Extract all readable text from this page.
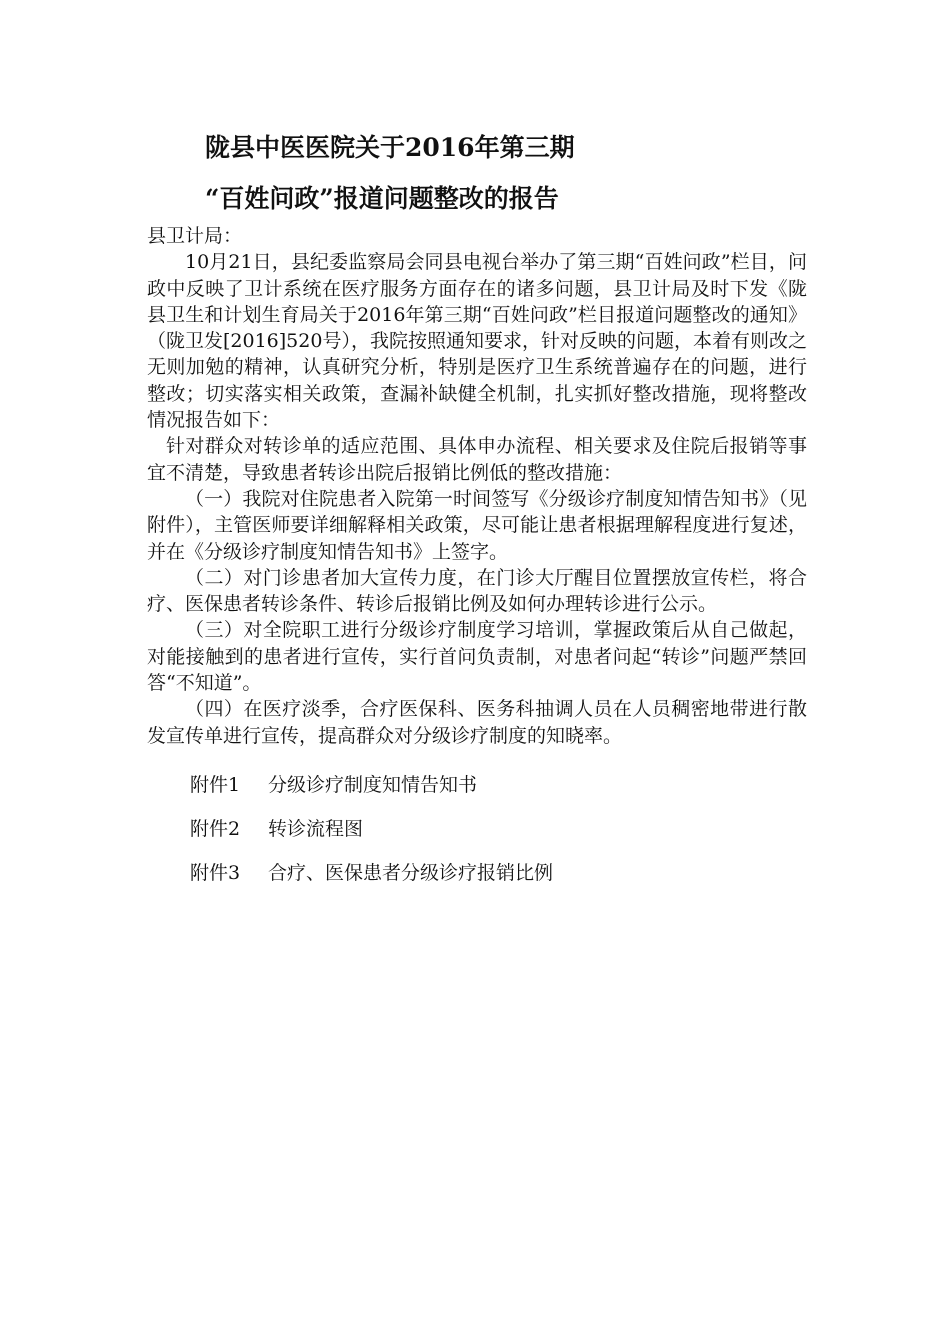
陇县中医医院关于2016年第三期
“百姓问政”报道问题整改的报告

县卫计局：

10月21日，县纪委监察局会同县电视台举办了第三期“百姓问政”栏目，问政中反映了卫计系统在医疗服务方面存在的诸多问题，县卫计局及时下发《陇县卫生和计划生育局关于2016年第三期“百姓问政”栏目报道问题整改的通知》（陇卫发[2016]520号），我院按照通知要求，针对反映的问题，本着有则改之无则加勉的精神，认真研究分析，特别是医疗卫生系统普遍存在的问题，进行整改；切实落实相关政策，查漏补缺健全机制，扎实抓好整改措施，现将整改情况报告如下：

针对群众对转诊单的适应范围、具体申办流程、相关要求及住院后报销等事宜不清楚，导致患者转诊出院后报销比例低的整改措施：

（一）我院对住院患者入院第一时间签写《分级诊疗制度知情告知书》（见附件），主管医师要详细解释相关政策，尽可能让患者根据理解程度进行复述，并在《分级诊疗制度知情告知书》上签字。

（二）对门诊患者加大宣传力度，在门诊大厅醒目位置摆放宣传栏，将合疗、医保患者转诊条件、转诊后报销比例及如何办理转诊进行公示。

（三）对全院职工进行分级诊疗制度学习培训，掌握政策后从自己做起，对能接触到的患者进行宣传，实行首问负责制，对患者问起“转诊”问题严禁回答“不知道”。

（四）在医疗淡季，合疗医保科、医务科抽调人员在人员稠密地带进行散发宣传单进行宣传，提高群众对分级诊疗制度的知晓率。

附件1 分级诊疗制度知情告知书
附件2 转诊流程图
附件3 合疗、医保患者分级诊疗报销比例
